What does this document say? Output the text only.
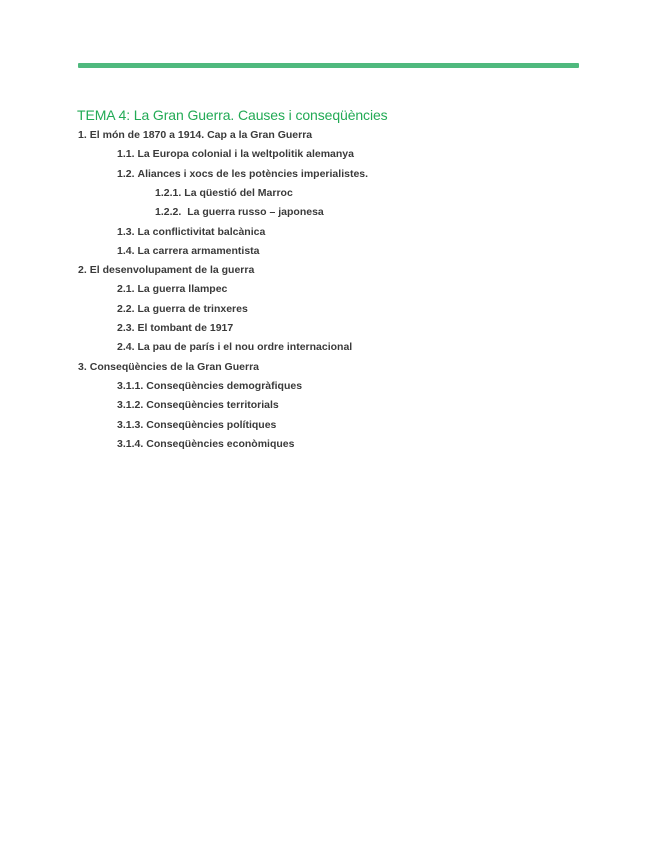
TEMA 4: La Gran Guerra. Causes i conseqüències
1. El món de 1870 a 1914. Cap a la Gran Guerra
1.1. La Europa colonial i la weltpolitik alemanya
1.2. Aliances i xocs de les potències imperialistes.
1.2.1. La qüestió del Marroc
1.2.2. La guerra russo – japonesa
1.3. La conflictivitat balcànica
1.4. La carrera armamentista
2. El desenvolupament de la guerra
2.1. La guerra llampec
2.2. La guerra de trinxeres
2.3. El tombant de 1917
2.4. La pau de parís i el nou ordre internacional
3. Conseqüències de la Gran Guerra
3.1.1. Conseqüències demogràfiques
3.1.2. Conseqüències territorials
3.1.3. Conseqüències polítiques
3.1.4. Conseqüències econòmiques
